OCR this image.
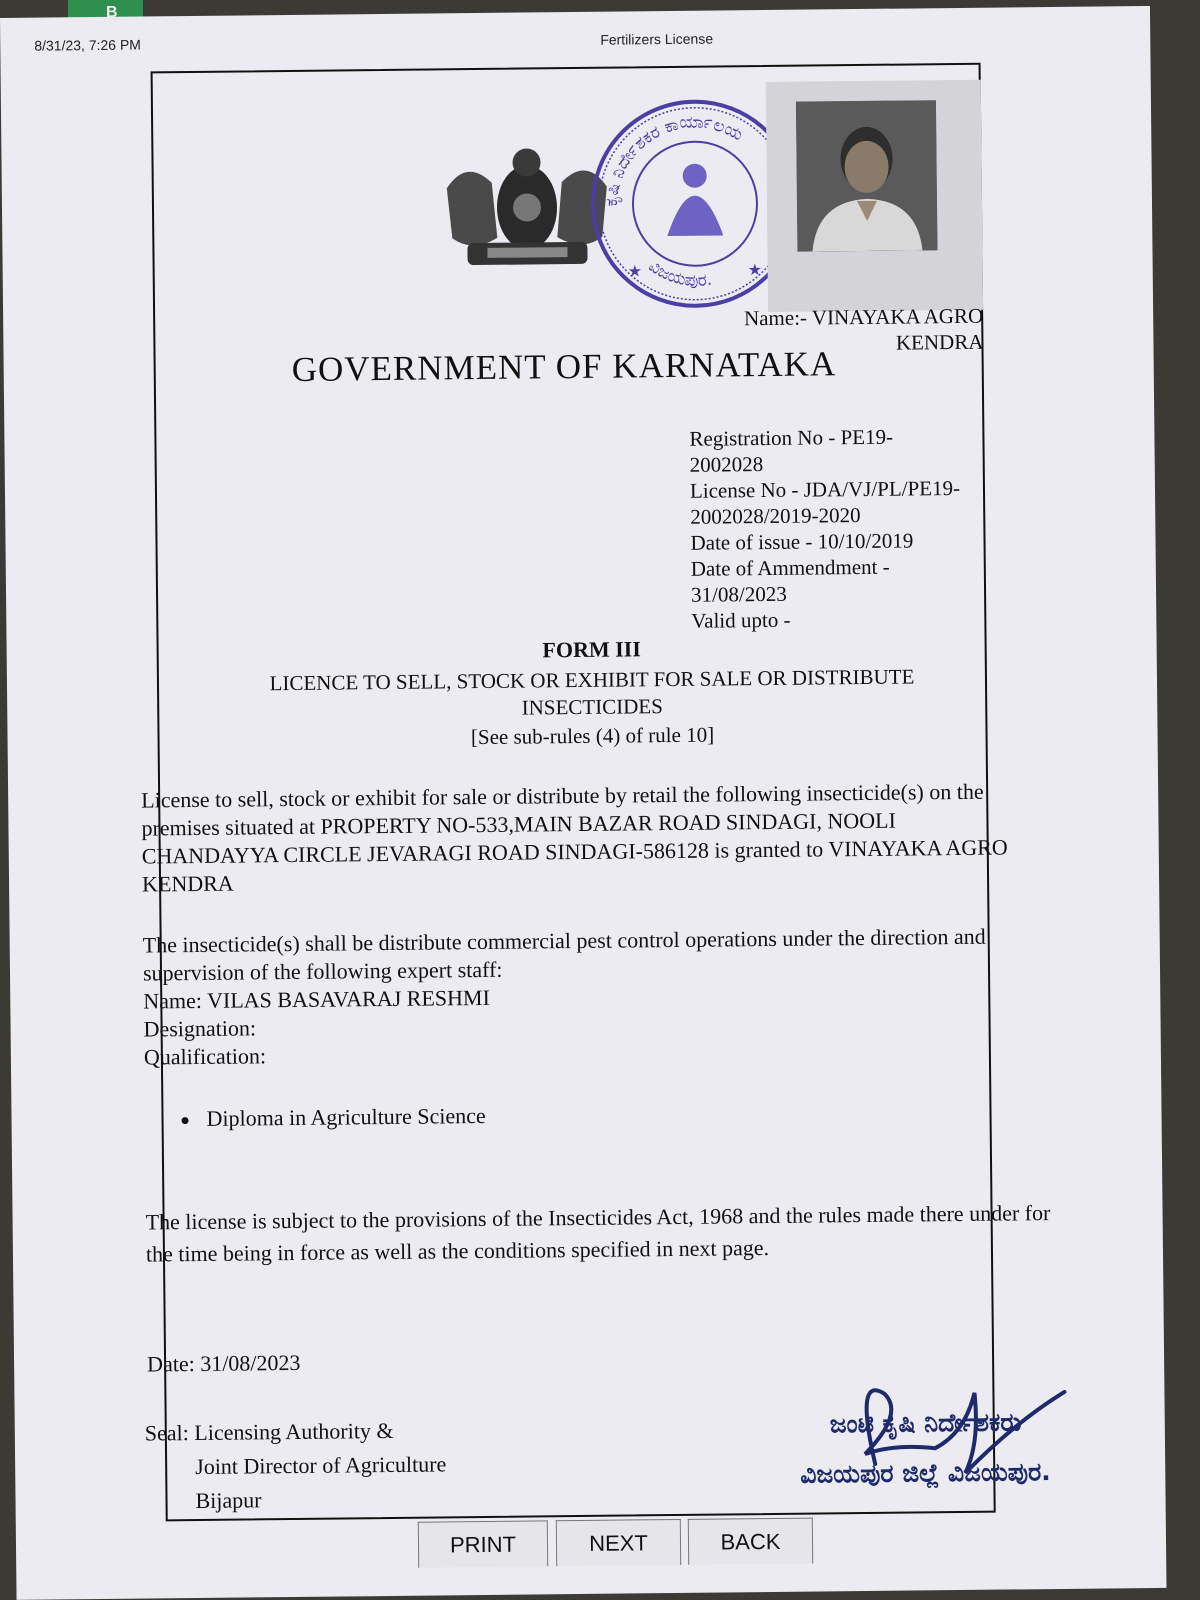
B
8/31/23, 7:26 PM	Fertilizers License
ಕೃಷಿ ನಿರ್ದೇಶಕರ ಕಾರ್ಯಾಲಯ
ವಿಜಯಪುರ.
★	★
Name:- VINAYAKA AGRO
KENDRA
GOVERNMENT OF KARNATAKA
Registration No - PE19-
2002028
License No - JDA/VJ/PL/PE19-
2002028/2019-2020
Date of issue - 10/10/2019
Date of Ammendment -
31/08/2023
Valid upto -
FORM III
LICENCE TO SELL, STOCK OR EXHIBIT FOR SALE OR DISTRIBUTE INSECTICIDES
[See sub-rules (4) of rule 10]
License to sell, stock or exhibit for sale or distribute by retail the following insecticide(s) on the premises situated at PROPERTY NO-533,MAIN BAZAR ROAD SINDAGI, NOOLI CHANDAYYA CIRCLE JEVARAGI ROAD SINDAGI-586128 is granted to VINAYAKA AGRO KENDRA
The insecticide(s) shall be distribute commercial pest control operations under the direction and supervision of the following expert staff:
Name: VILAS BASAVARAJ RESHMI
Designation:
Qualification:
Diploma in Agriculture Science
The license is subject to the provisions of the Insecticides Act, 1968 and the rules made there under for the time being in force as well as the conditions specified in next page.
Date: 31/08/2023
Seal: Licensing Authority &
Joint Director of Agriculture
Bijapur
ಜಂಟಿ ಕೃಷಿ ನಿರ್ದೇಶಕರು
ವಿಜಯಪುರ ಜಿಲ್ಲೆ ವಿಜಯಪುರ.
PRINT	NEXT	BACK
